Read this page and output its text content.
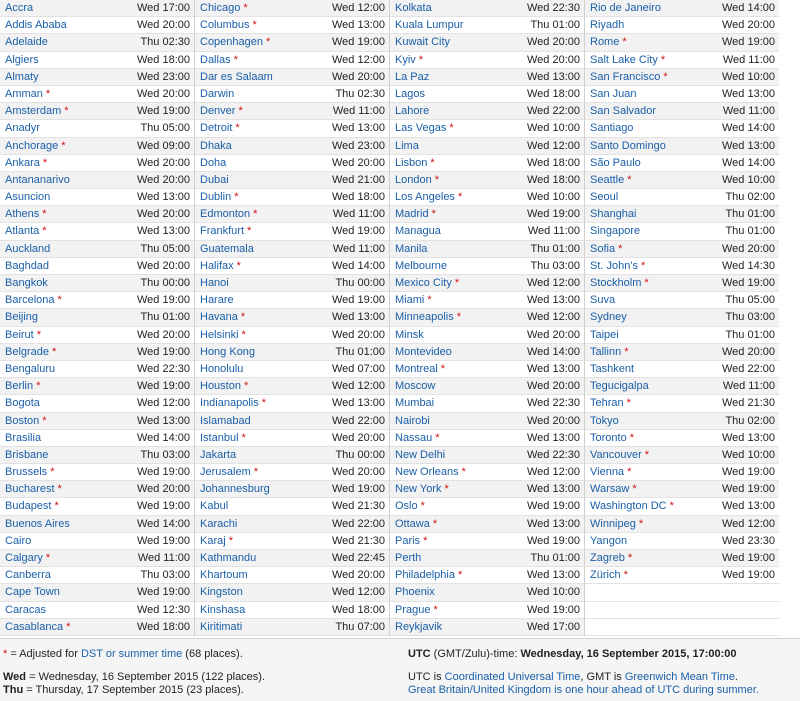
Accra	Wed 17:00
Addis Ababa	Wed 20:00
Adelaide	Thu 02:30
Algiers	Wed 18:00
Almaty	Wed 23:00
Amman *	Wed 20:00
Amsterdam *	Wed 19:00
Anadyr	Thu 05:00
Anchorage *	Wed 09:00
Ankara *	Wed 20:00
Antananarivo	Wed 20:00
Asuncion	Wed 13:00
Athens *	Wed 20:00
Atlanta *	Wed 13:00
Auckland	Thu 05:00
Baghdad	Wed 20:00
Bangkok	Thu 00:00
Barcelona *	Wed 19:00
Beijing	Thu 01:00
Beirut *	Wed 20:00
Belgrade *	Wed 19:00
Bengaluru	Wed 22:30
Berlin *	Wed 19:00
Bogota	Wed 12:00
Boston *	Wed 13:00
Brasilia	Wed 14:00
Brisbane	Thu 03:00
Brussels *	Wed 19:00
Bucharest *	Wed 20:00
Budapest *	Wed 19:00
Buenos Aires	Wed 14:00
Cairo	Wed 19:00
Calgary *	Wed 11:00
Canberra	Thu 03:00
Cape Town	Wed 19:00
Caracas	Wed 12:30
Casablanca *	Wed 18:00
Chicago *	Wed 12:00
Columbus *	Wed 13:00
Copenhagen *	Wed 19:00
Dallas *	Wed 12:00
Dar es Salaam	Wed 20:00
Darwin	Thu 02:30
Denver *	Wed 11:00
Detroit *	Wed 13:00
Dhaka	Wed 23:00
Doha	Wed 20:00
Dubai	Wed 21:00
Dublin *	Wed 18:00
Edmonton *	Wed 11:00
Frankfurt *	Wed 19:00
Guatemala	Wed 11:00
Halifax *	Wed 14:00
Hanoi	Thu 00:00
Harare	Wed 19:00
Havana *	Wed 13:00
Helsinki *	Wed 20:00
Hong Kong	Thu 01:00
Honolulu	Wed 07:00
Houston *	Wed 12:00
Indianapolis *	Wed 13:00
Islamabad	Wed 22:00
Istanbul *	Wed 20:00
Jakarta	Thu 00:00
Jerusalem *	Wed 20:00
Johannesburg	Wed 19:00
Kabul	Wed 21:30
Karachi	Wed 22:00
Karaj *	Wed 21:30
Kathmandu	Wed 22:45
Khartoum	Wed 20:00
Kingston	Wed 12:00
Kinshasa	Wed 18:00
Kiritimati	Thu 07:00
Kolkata	Wed 22:30
Kuala Lumpur	Thu 01:00
Kuwait City	Wed 20:00
Kyiv *	Wed 20:00
La Paz	Wed 13:00
Lagos	Wed 18:00
Lahore	Wed 22:00
Las Vegas *	Wed 10:00
Lima	Wed 12:00
Lisbon *	Wed 18:00
London *	Wed 18:00
Los Angeles *	Wed 10:00
Madrid *	Wed 19:00
Managua	Wed 11:00
Manila	Thu 01:00
Melbourne	Thu 03:00
Mexico City *	Wed 12:00
Miami *	Wed 13:00
Minneapolis *	Wed 12:00
Minsk	Wed 20:00
Montevideo	Wed 14:00
Montreal *	Wed 13:00
Moscow	Wed 20:00
Mumbai	Wed 22:30
Nairobi	Wed 20:00
Nassau *	Wed 13:00
New Delhi	Wed 22:30
New Orleans *	Wed 12:00
New York *	Wed 13:00
Oslo *	Wed 19:00
Ottawa *	Wed 13:00
Paris *	Wed 19:00
Perth	Thu 01:00
Philadelphia *	Wed 13:00
Phoenix	Wed 10:00
Prague *	Wed 19:00
Reykjavik	Wed 17:00
Rio de Janeiro	Wed 14:00
Riyadh	Wed 20:00
Rome *	Wed 19:00
Salt Lake City *	Wed 11:00
San Francisco *	Wed 10:00
San Juan	Wed 13:00
San Salvador	Wed 11:00
Santiago	Wed 14:00
Santo Domingo	Wed 13:00
São Paulo	Wed 14:00
Seattle *	Wed 10:00
Seoul	Thu 02:00
Shanghai	Thu 01:00
Singapore	Thu 01:00
Sofia *	Wed 20:00
St. John's *	Wed 14:30
Stockholm *	Wed 19:00
Suva	Thu 05:00
Sydney	Thu 03:00
Taipei	Thu 01:00
Tallinn *	Wed 20:00
Tashkent	Wed 22:00
Tegucigalpa	Wed 11:00
Tehran *	Wed 21:30
Tokyo	Thu 02:00
Toronto *	Wed 13:00
Vancouver *	Wed 10:00
Vienna *	Wed 19:00
Warsaw *	Wed 19:00
Washington DC *	Wed 13:00
Winnipeg *	Wed 12:00
Yangon	Wed 23:30
Zagreb *	Wed 19:00
Zürich *	Wed 19:00
* = Adjusted for DST or summer time (68 places).
Wed = Wednesday, 16 September 2015 (122 places).
Thu = Thursday, 17 September 2015 (23 places).
UTC (GMT/Zulu)-time: Wednesday, 16 September 2015, 17:00:00
UTC is Coordinated Universal Time, GMT is Greenwich Mean Time.
Great Britain/United Kingdom is one hour ahead of UTC during summer.
